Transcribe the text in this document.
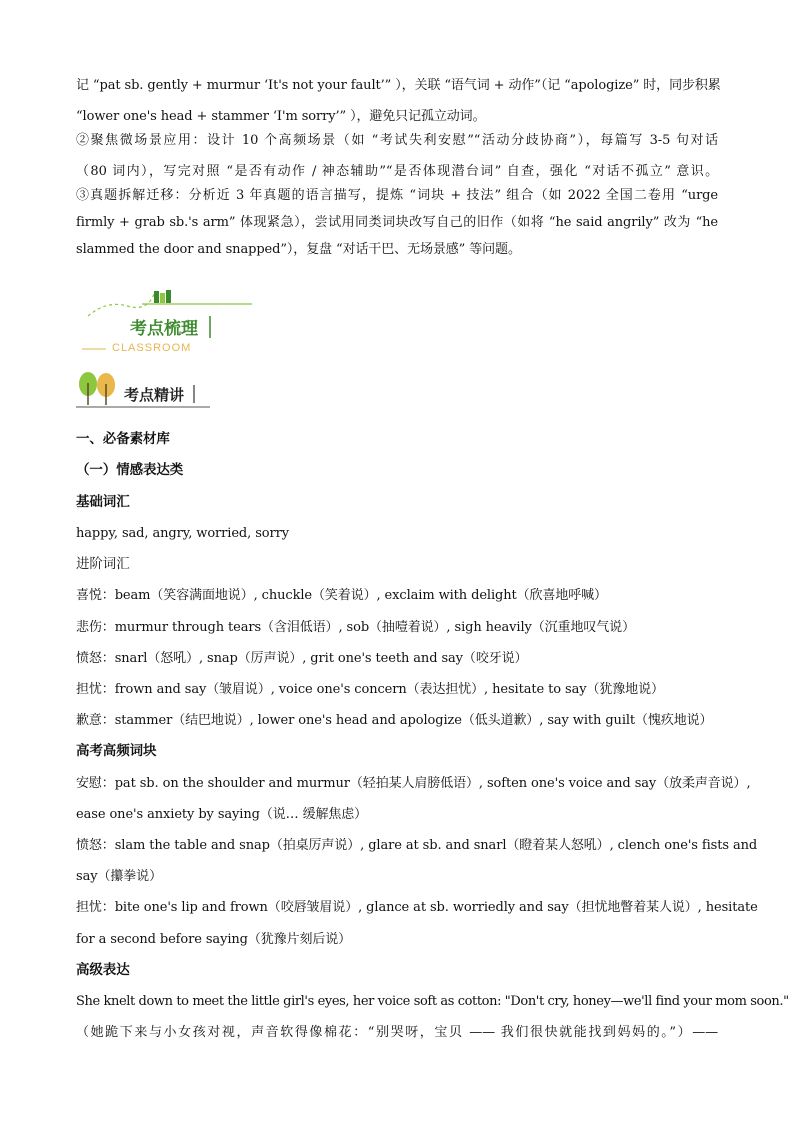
记 “pat sb. gently + murmur ‘It's not your fault’” ），关联 “语气词 + 动作”（记 “apologize” 时，同步积累
“lower one's head + stammer ‘I'm sorry’” ），避免只记孤立动词。
②聚焦微场景应用：设计 10 个高频场景（如 “考试失利安慰”“活动分歧协商”），每篇写 3-5 句对话
（80 词内），写完对照 “是否有动作 / 神态辅助”“是否体现潜台词” 自查，强化 “对话不孤立” 意识。
③真题拆解迁移：分析近 3 年真题的语言描写，提炼 “词块 + 技法” 组合（如 2022 全国二卷用 “urge
firmly + grab sb.'s arm” 体现紧急），尝试用同类词块改写自己的旧作（如将 “he said angrily” 改为 “he
slammed the door and snapped”），复盘 “对话干巴、无场景感” 等问题。
考点梳理
CLASSROOM
考点精讲
一、必备素材库
（一）情感表达类
基础词汇
happy, sad, angry, worried, sorry
进阶词汇
喜悦：beam（笑容满面地说）, chuckle（笑着说）, exclaim with delight（欣喜地呼喊）
悲伤：murmur through tears（含泪低语）, sob（抽噎着说）, sigh heavily（沉重地叹气说）
愤怒：snarl（怒吼）, snap（厉声说）, grit one's teeth and say（咬牙说）
担忧：frown and say（皱眉说）, voice one's concern（表达担忧）, hesitate to say（犹豫地说）
歉意：stammer（结巴地说）, lower one's head and apologize（低头道歉）, say with guilt（愧疚地说）
高考高频词块
安慰：pat sb. on the shoulder and murmur（轻拍某人肩膀低语）, soften one's voice and say（放柔声音说）,
ease one's anxiety by saying（说… 缓解焦虑）
愤怒：slam the table and snap（拍桌厉声说）, glare at sb. and snarl（瞪着某人怒吼）, clench one's fists and
say（攥拳说）
担忧：bite one's lip and frown（咬唇皱眉说）, glance at sb. worriedly and say（担忧地瞥着某人说）, hesitate
for a second before saying（犹豫片刻后说）
高级表达
She knelt down to meet the little girl's eyes, her voice soft as cotton: "Don't cry, honey—we'll find your mom soon."
（她跪下来与小女孩对视，声音软得像棉花：“别哭呀，宝贝 —— 我们很快就能找到妈妈的。”）——
